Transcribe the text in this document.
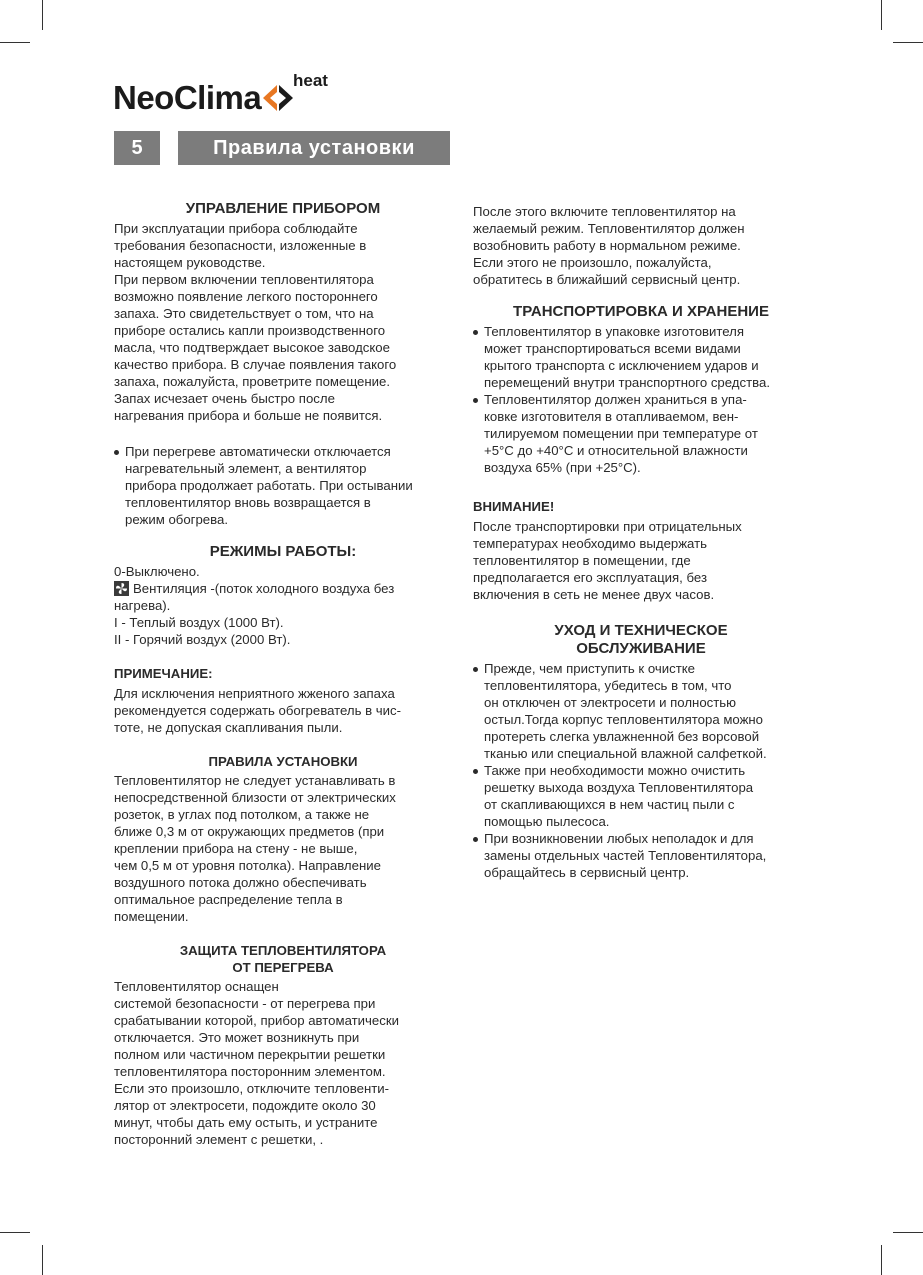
NeoClima heat
5	Правила установки
УПРАВЛЕНИЕ ПРИБОРОМ
При эксплуатации прибора соблюдайте
требования безопасности, изложенные в
настоящем руководстве.
При первом включении тепловентилятора
возможно появление легкого постороннего
запаха. Это свидетельствует о том, что на
приборе остались капли производственного
масла, что подтверждает высокое заводское
качество прибора. В случае появления такого
запаха, пожалуйста, проветрите помещение.
Запах исчезает очень быстро после
нагревания прибора и больше не появится.
При перегреве автоматически отключается
нагревательный элемент, а вентилятор
прибора продолжает работать. При остывании
тепловентилятор вновь возвращается в
режим обогрева.
РЕЖИМЫ РАБОТЫ:
0-Выключено.
Вентиляция -(поток холодного воздуха без
нагрева).
I - Теплый воздух (1000 Вт).
II - Горячий воздух (2000 Вт).
ПРИМЕЧАНИЕ:
Для исключения неприятного жженого запаха
рекомендуется содержать обогреватель в чис-
тоте, не допуская скапливания пыли.
ПРАВИЛА УСТАНОВКИ
Тепловентилятор не следует устанавливать в
непосредственной близости от электрических
розеток, в углах под потолком, а также не
ближе 0,3 м от окружающих предметов (при
креплении прибора на стену - не выше,
чем 0,5 м от уровня потолка). Направление
воздушного потока должно обеспечивать
оптимальное распределение тепла в
помещении.
ЗАЩИТА ТЕПЛОВЕНТИЛЯТОРА
ОТ ПЕРЕГРЕВА
Тепловентилятор оснащен
системой безопасности - от перегрева при
срабатывании которой, прибор автоматически
отключается. Это может возникнуть при
полном или частичном перекрытии решетки
тепловентилятора посторонним элементом.
Если это произошло, отключите тепловенти-
лятор от электросети, подождите около 30
минут, чтобы дать ему остыть, и устраните
посторонний элемент с решетки, .
После этого включите тепловентилятор на
желаемый режим. Тепловентилятор должен
возобновить работу в нормальном режиме.
Если этого не произошло, пожалуйста,
обратитесь в ближайший сервисный центр.
ТРАНСПОРТИРОВКА И ХРАНЕНИЕ
Тепловентилятор в упаковке изготовителя
может транспортироваться всеми видами
крытого транспорта с исключением ударов и
перемещений внутри транспортного средства.
Тепловентилятор должен храниться в упа-
ковке изготовителя в отапливаемом, вен-
тилируемом помещении при температуре от
+5°С до +40°С и относительной влажности
воздуха 65% (при +25°С).
ВНИМАНИЕ!
После транспортировки при отрицательных
температурах необходимо выдержать
тепловентилятор в помещении, где
предполагается его эксплуатация, без
включения в сеть не менее двух часов.
УХОД И ТЕХНИЧЕСКОЕ
ОБСЛУЖИВАНИЕ
Прежде, чем приступить к очистке
тепловентилятора, убедитесь в том, что
он отключен от электросети и полностью
остыл.Тогда корпус тепловентилятора можно
протереть слегка увлажненной без ворсовой
тканью или специальной влажной салфеткой.
Также при необходимости можно очистить
решетку выхода воздуха Тепловентилятора
от скапливающихся в нем частиц пыли с
помощью пылесоса.
При возникновении любых неполадок и для
замены отдельных частей Тепловентилятора,
обращайтесь в сервисный центр.
